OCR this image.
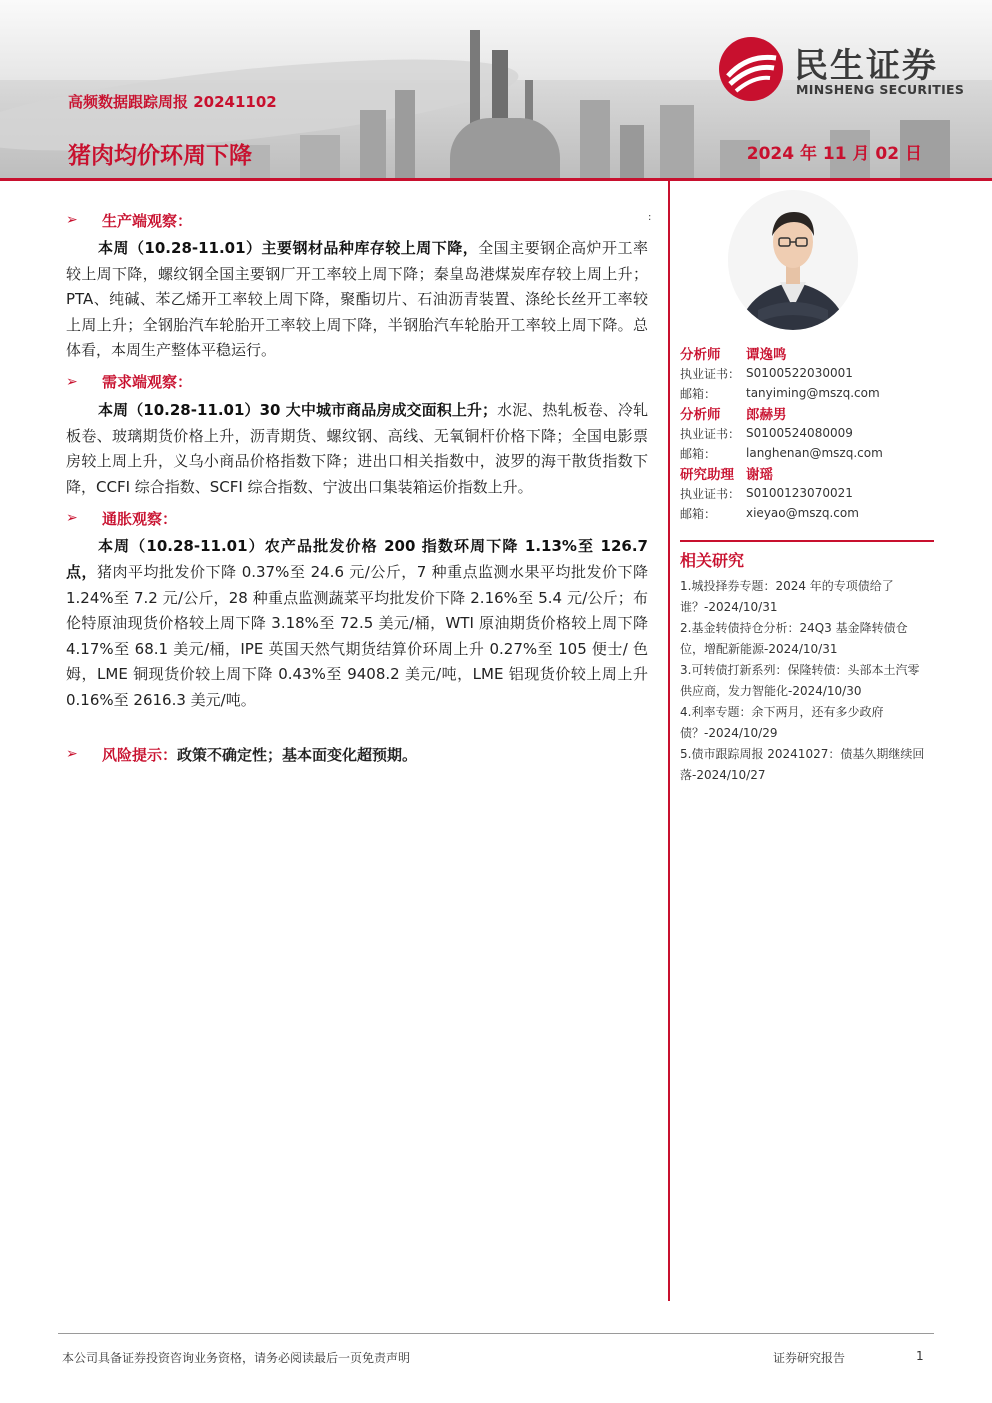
高频数据跟踪周报 20241102
猪肉均价环周下降	2024 年 11 月 02 日
民生证券
MINSHENG SECURITIES
:
➢	生产端观察：

本周（10.28-11.01）主要钢材品种库存较上周下降，全国主要钢企高炉开工率较上周下降，螺纹钢全国主要钢厂开工率较上周下降；秦皇岛港煤炭库存较上周上升；PTA、纯碱、苯乙烯开工率较上周下降，聚酯切片、石油沥青装置、涤纶长丝开工率较上周上升；全钢胎汽车轮胎开工率较上周下降，半钢胎汽车轮胎开工率较上周下降。总体看，本周生产整体平稳运行。

➢	需求端观察：

本周（10.28-11.01）30 大中城市商品房成交面积上升；水泥、热轧板卷、冷轧板卷、玻璃期货价格上升，沥青期货、螺纹钢、高线、无氧铜杆价格下降；全国电影票房较上周上升，义乌小商品价格指数下降；进出口相关指数中，波罗的海干散货指数下降，CCFI 综合指数、SCFI 综合指数、宁波出口集装箱运价指数上升。

➢	通胀观察：

本周（10.28-11.01）农产品批发价格 200 指数环周下降 1.13%至 126.7 点，猪肉平均批发价下降 0.37%至 24.6 元/公斤，7 种重点监测水果平均批发价下降 1.24%至 7.2 元/公斤，28 种重点监测蔬菜平均批发价下降 2.16%至 5.4 元/公斤；布伦特原油现货价格较上周下降 3.18%至 72.5 美元/桶，WTI 原油期货价格较上周下降 4.17%至 68.1 美元/桶，IPE 英国天然气期货结算价环周上升 0.27%至 105 便士/ 色姆，LME 铜现货价较上周下降 0.43%至 9408.2 美元/吨，LME 铝现货价较上周上升 0.16%至 2616.3 美元/吨。

➢	风险提示： 政策不确定性；基本面变化超预期。
分析师	谭逸鸣
执业证书： S0100522030001
邮箱：	tanyiming@mszq.com
分析师	郎赫男
执业证书： S0100524080009
邮箱：	langhenan@mszq.com
研究助理 谢瑶
执业证书： S0100123070021
邮箱：	xieyao@mszq.com
相关研究

1.城投择券专题：2024 年的专项债给了谁？-2024/10/31

2.基金转债持仓分析：24Q3 基金降转债仓位，增配新能源-2024/10/31

3.可转债打新系列：保隆转债：头部本土汽零供应商，发力智能化-2024/10/30

4.利率专题：余下两月，还有多少政府债？-2024/10/29

5.债市跟踪周报 20241027：债基久期继续回落-2024/10/27

本公司具备证券投资咨询业务资格，请务必阅读最后一页免责声明	证券研究报告	1
